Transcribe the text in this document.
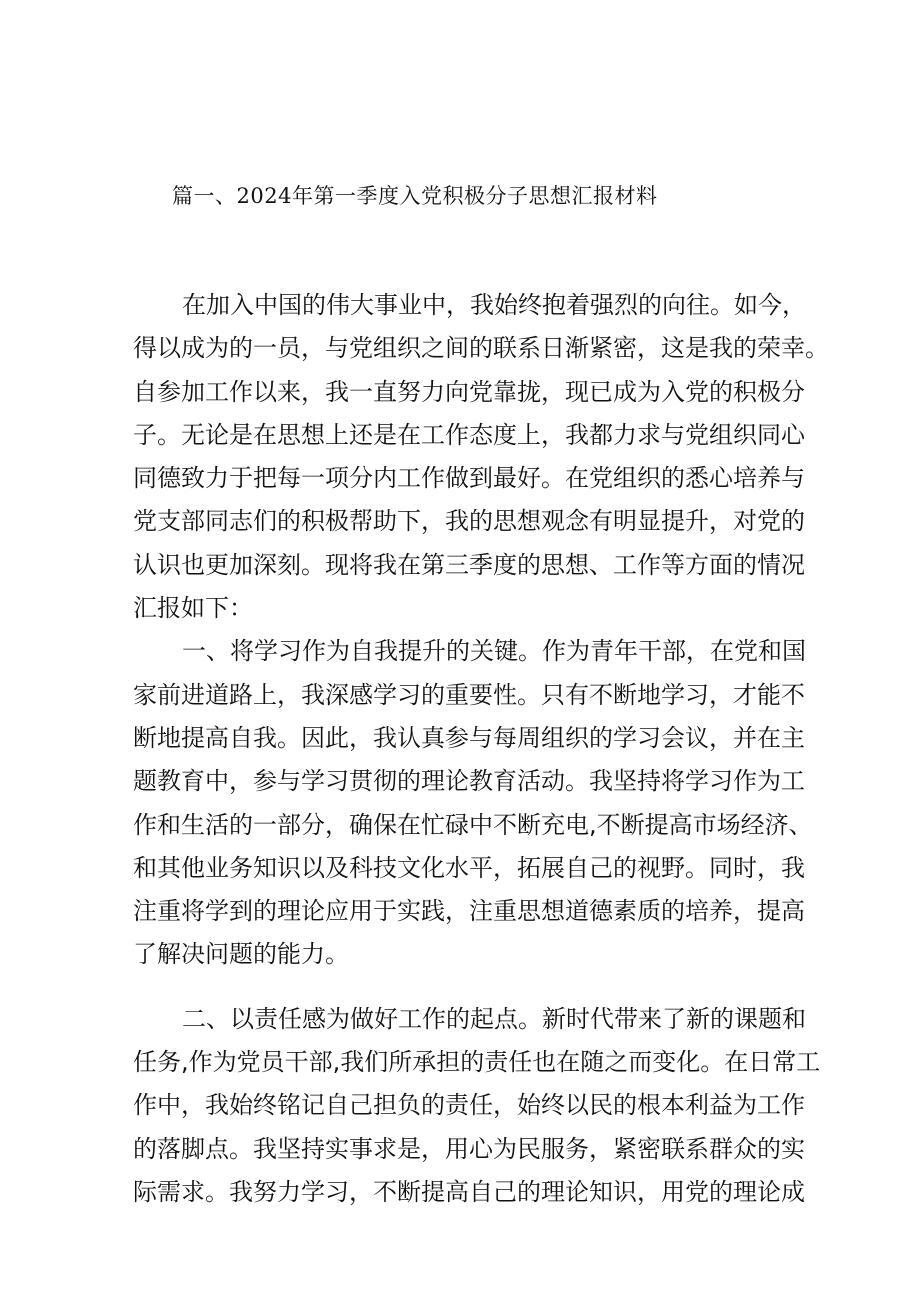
篇一、2024年第一季度入党积极分子思想汇报材料
在加入中国的伟大事业中，我始终抱着强烈的向往。如今，
得以成为的一员，与党组织之间的联系日渐紧密，这是我的荣幸。
自参加工作以来，我一直努力向党靠拢，现已成为入党的积极分
子。无论是在思想上还是在工作态度上，我都力求与党组织同心
同德致力于把每一项分内工作做到最好。在党组织的悉心培养与
党支部同志们的积极帮助下，我的思想观念有明显提升，对党的
认识也更加深刻。现将我在第三季度的思想、工作等方面的情况
汇报如下：
一、将学习作为自我提升的关键。作为青年干部，在党和国
家前进道路上，我深感学习的重要性。只有不断地学习，才能不
断地提高自我。因此，我认真参与每周组织的学习会议，并在主
题教育中，参与学习贯彻的理论教育活动。我坚持将学习作为工
作和生活的一部分，确保在忙碌中不断充电,不断提高市场经济、
和其他业务知识以及科技文化水平，拓展自己的视野。同时，我
注重将学到的理论应用于实践，注重思想道德素质的培养，提高
了解决问题的能力。
二、以责任感为做好工作的起点。新时代带来了新的课题和
任务,作为党员干部,我们所承担的责任也在随之而变化。在日常工
作中，我始终铭记自己担负的责任，始终以民的根本利益为工作
的落脚点。我坚持实事求是，用心为民服务，紧密联系群众的实
际需求。我努力学习，不断提高自己的理论知识，用党的理论成
